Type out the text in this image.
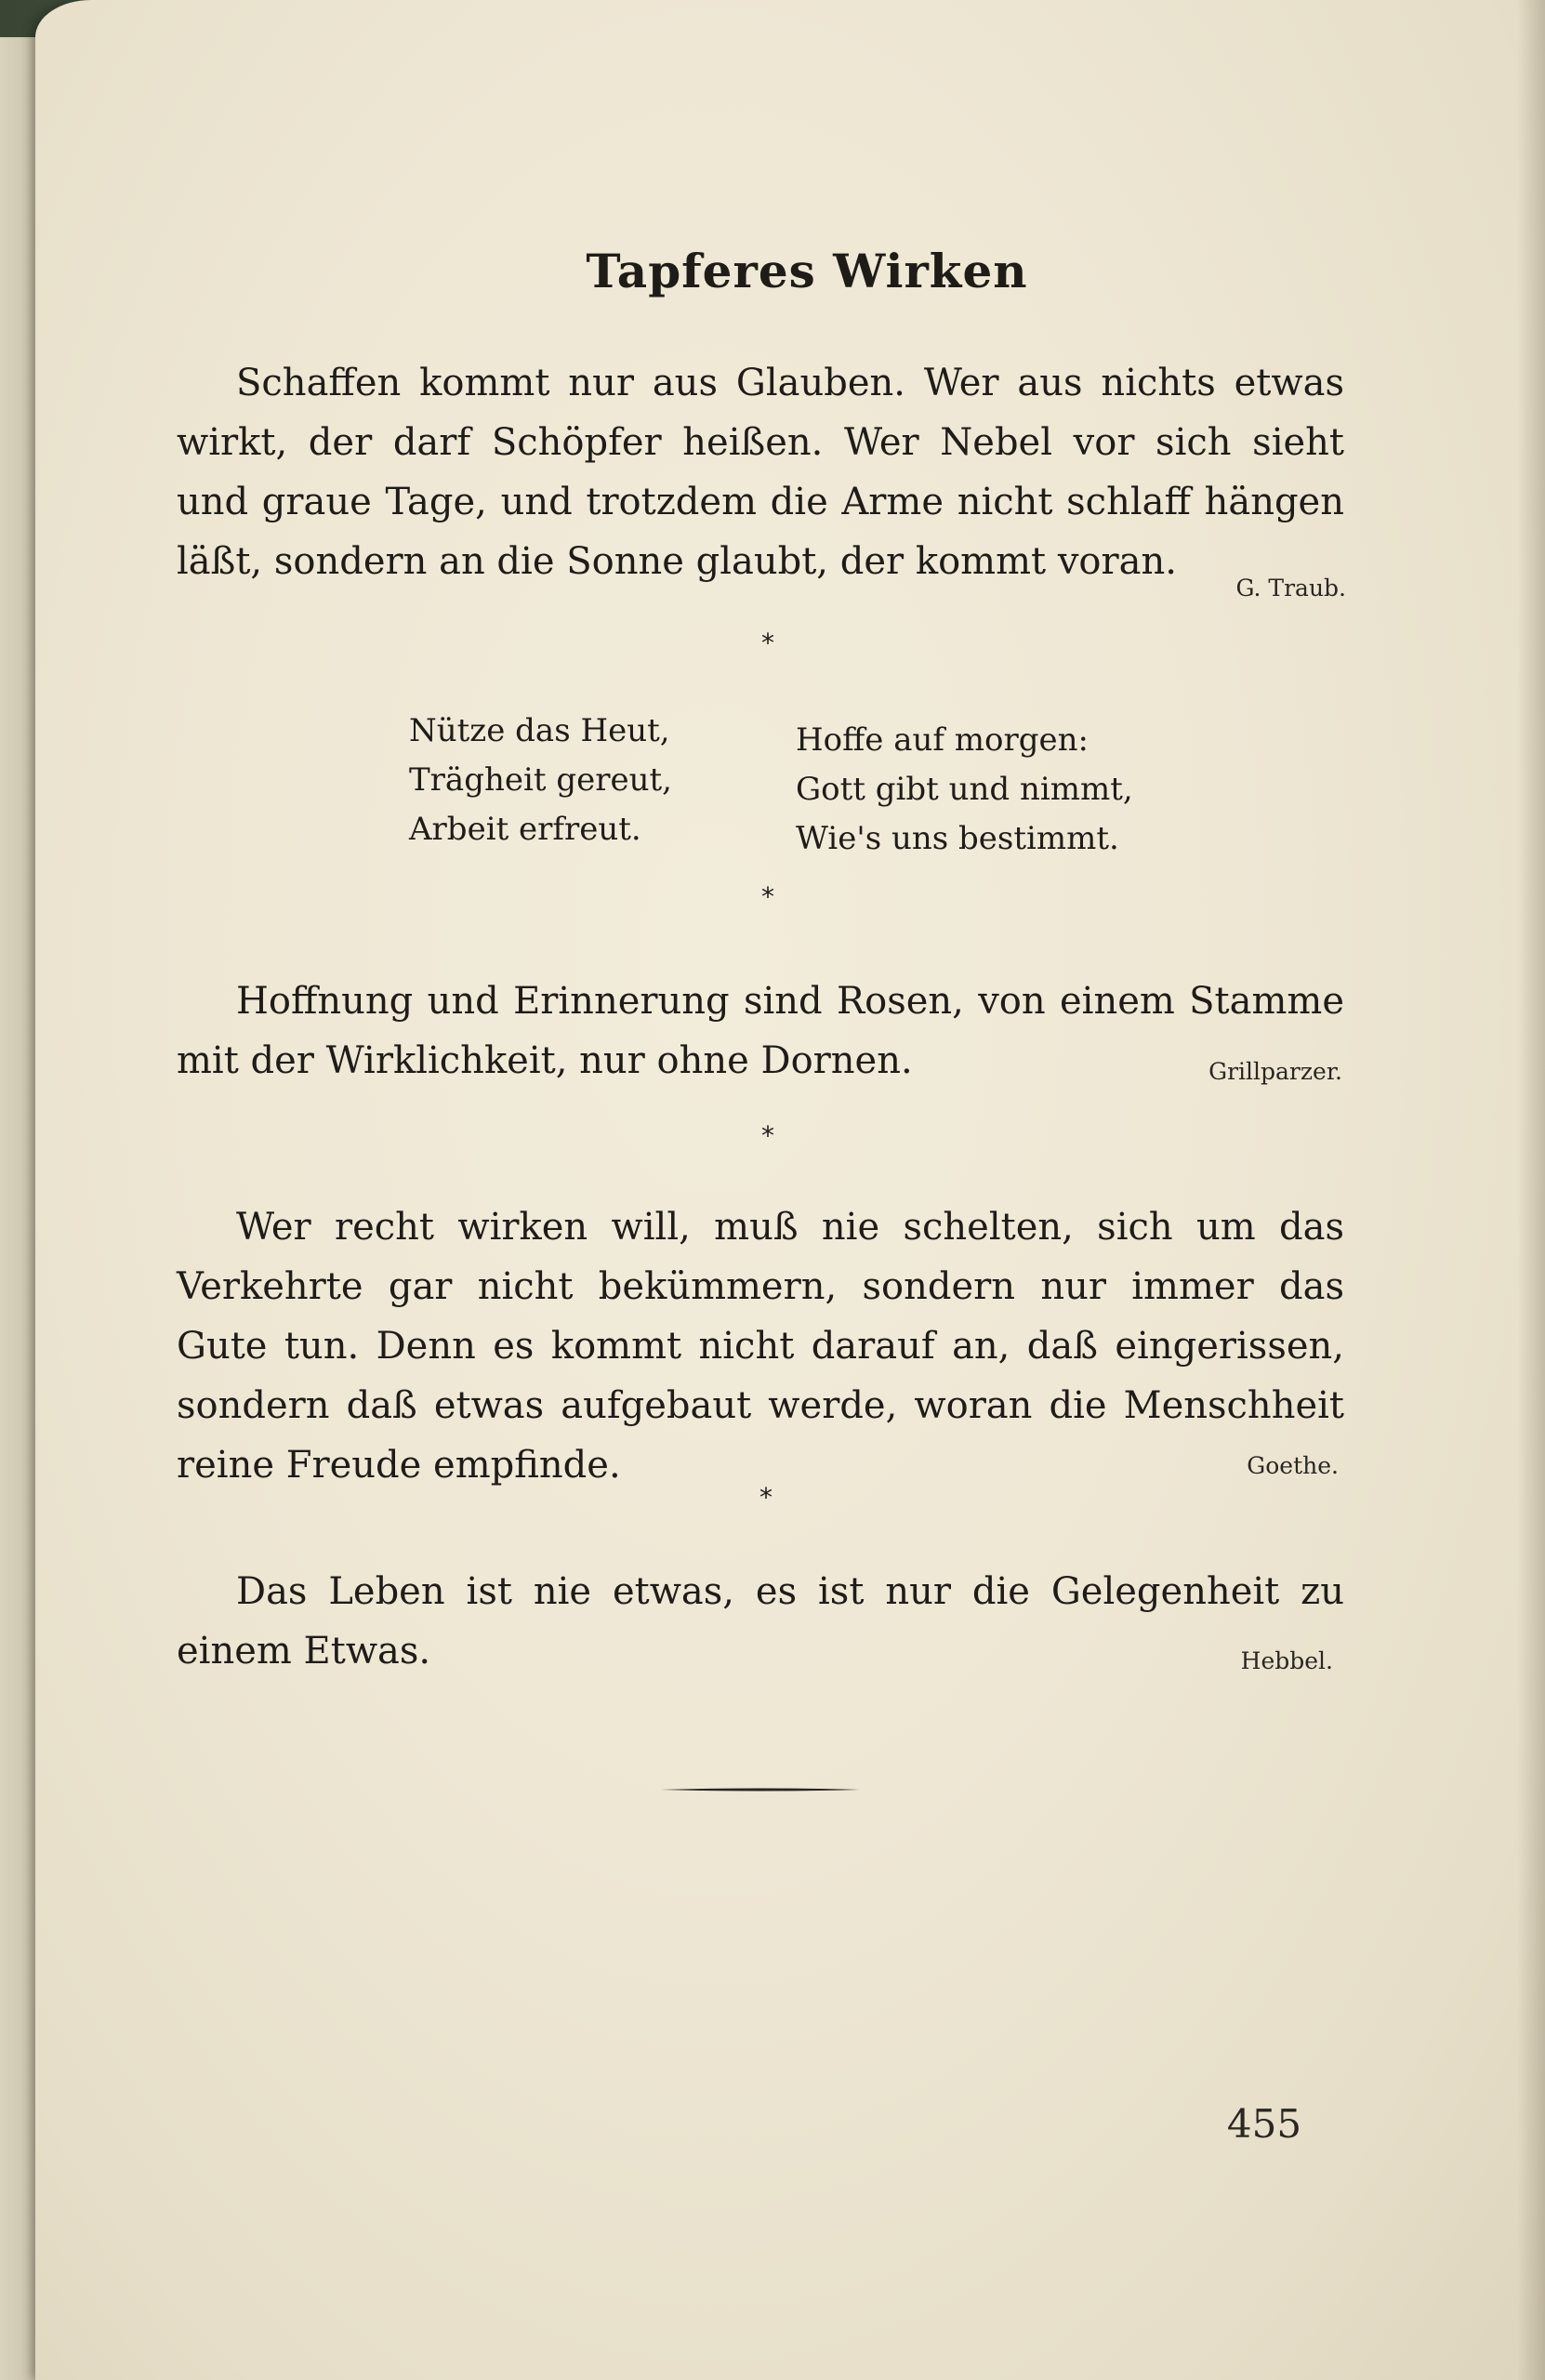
Tapferes Wirken
Schaffen kommt nur aus Glauben. Wer aus nichts etwas wirkt, der darf Schöpfer heißen. Wer Nebel vor sich sieht und graue Tage, und trotzdem die Arme nicht schlaff hängen läßt, sondern an die Sonne glaubt, der kommt voran.
G. Traub.
*
Nütze das Heut,
Trägheit gereut,
Arbeit erfreut.
Hoffe auf morgen:
Gott gibt und nimmt,
Wie's uns bestimmt.
*
Hoffnung und Erinnerung sind Rosen, von einem Stamme mit der Wirklichkeit, nur ohne Dornen.	Grillparzer.
*
Wer recht wirken will, muß nie schelten, sich um das Verkehrte gar nicht bekümmern, sondern nur immer das Gute tun. Denn es kommt nicht darauf an, daß eingerissen, sondern daß etwas aufgebaut werde, woran die Menschheit reine Freude empfinde.	Goethe.
*
Das Leben ist nie etwas, es ist nur die Gelegenheit zu einem Etwas.	Hebbel.
455
